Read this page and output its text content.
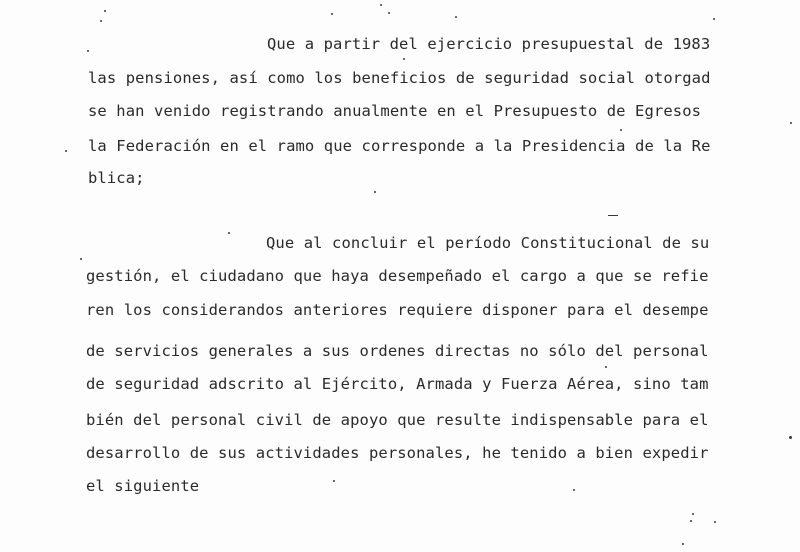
Que a partir del ejercicio presupuestal de 1983
las pensiones, así como los beneficios de seguridad social otorgad
se han venido registrando anualmente en el Presupuesto de Egresos
la Federación en el ramo que corresponde a la Presidencia de la Re
blica;
Que al concluir el período Constitucional de su
gestión, el ciudadano que haya desempeñado el cargo a que se refie
ren los considerandos anteriores requiere disponer para el desempe
de servicios generales a sus ordenes directas no sólo del personal
de seguridad adscrito al Ejército, Armada y Fuerza Aérea, sino tam
bién del personal civil de apoyo que resulte indispensable para el
desarrollo de sus actividades personales, he tenido a bien expedir
el siguiente
